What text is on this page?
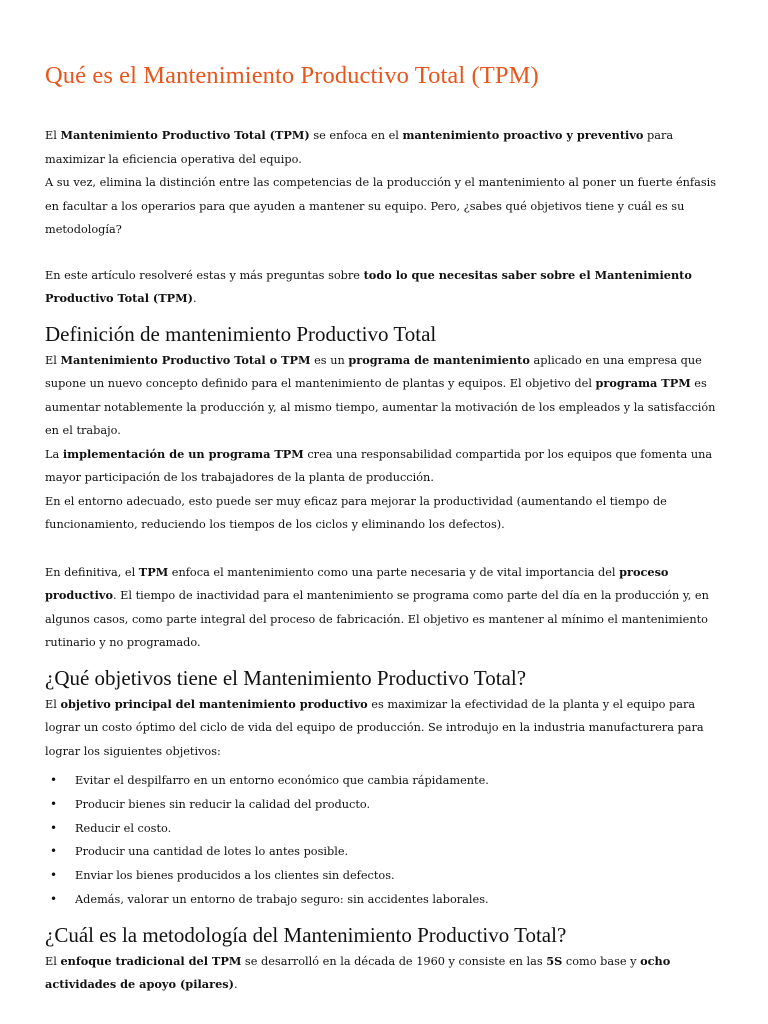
Qué es el Mantenimiento Productivo Total (TPM)

El Mantenimiento Productivo Total (TPM) se enfoca en el mantenimiento proactivo y preventivo para maximizar la eficiencia operativa del equipo.

A su vez, elimina la distinción entre las competencias de la producción y el mantenimiento al poner un fuerte énfasis en facultar a los operarios para que ayuden a mantener su equipo. Pero, ¿sabes qué objetivos tiene y cuál es su metodología?

En este artículo resolveré estas y más preguntas sobre todo lo que necesitas saber sobre el Mantenimiento Productivo Total (TPM).

Definición de mantenimiento Productivo Total

El Mantenimiento Productivo Total o TPM es un programa de mantenimiento aplicado en una empresa que supone un nuevo concepto definido para el mantenimiento de plantas y equipos. El objetivo del programa TPM es aumentar notablemente la producción y, al mismo tiempo, aumentar la motivación de los empleados y la satisfacción en el trabajo.

La implementación de un programa TPM crea una responsabilidad compartida por los equipos que fomenta una mayor participación de los trabajadores de la planta de producción.

En el entorno adecuado, esto puede ser muy eficaz para mejorar la productividad (aumentando el tiempo de funcionamiento, reduciendo los tiempos de los ciclos y eliminando los defectos).

En definitiva, el TPM enfoca el mantenimiento como una parte necesaria y de vital importancia del proceso productivo. El tiempo de inactividad para el mantenimiento se programa como parte del día en la producción y, en algunos casos, como parte integral del proceso de fabricación. El objetivo es mantener al mínimo el mantenimiento rutinario y no programado.

¿Qué objetivos tiene el Mantenimiento Productivo Total?

El objetivo principal del mantenimiento productivo es maximizar la efectividad de la planta y el equipo para lograr un costo óptimo del ciclo de vida del equipo de producción. Se introdujo en la industria manufacturera para lograr los siguientes objetivos:

• Evitar el despilfarro en un entorno económico que cambia rápidamente.
• Producir bienes sin reducir la calidad del producto.
• Reducir el costo.
• Producir una cantidad de lotes lo antes posible.
• Enviar los bienes producidos a los clientes sin defectos.
• Además, valorar un entorno de trabajo seguro: sin accidentes laborales.
¿Cuál es la metodología del Mantenimiento Productivo Total?

El enfoque tradicional del TPM se desarrolló en la década de 1960 y consiste en las 5S como base y ocho actividades de apoyo (pilares).
